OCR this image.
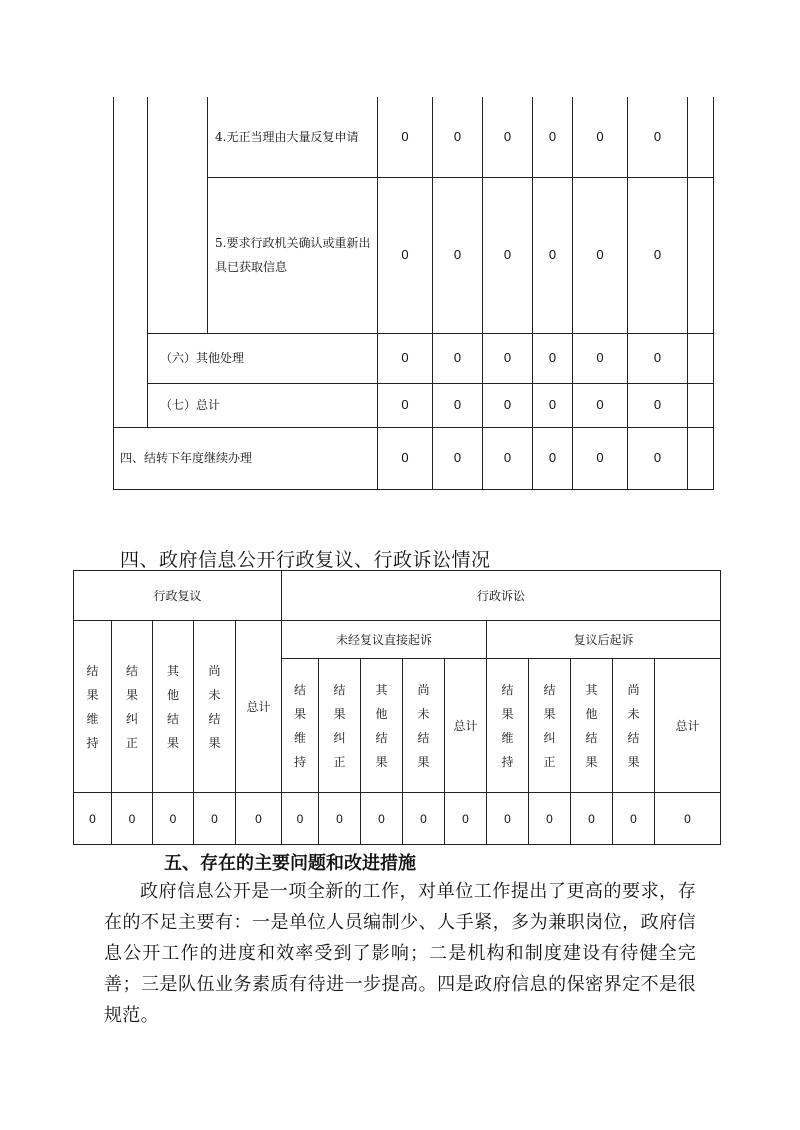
		4.无正当理由大量反复申请	0	0	0	0	0	0	
		5.要求行政机关确认或重新出具已获取信息	0	0	0	0	0	0	
	（六）其他处理		0	0	0	0	0	0	
	（七）总计		0	0	0	0	0	0	
四、结转下年度继续办理			0	0	0	0	0	0	
四、政府信息公开行政复议、行政诉讼情况
行政复议					行政诉讼									
结果维持	结果纠正	其他结果	尚未结果	总计	未经复议直接起诉					复议后起诉				
					结果维持	结果纠正	其他结果	尚未结果	总计	结果维持	结果纠正	其他结果	尚未结果	总计
0	0	0	0	0	0	0	0	0	0	0	0	0	0	0
五、存在的主要问题和改进措施

政府信息公开是一项全新的工作，对单位工作提出了更高的要求，存在的不足主要有：一是单位人员编制少、人手紧，多为兼职岗位，政府信息公开工作的进度和效率受到了影响；二是机构和制度建设有待健全完善；三是队伍业务素质有待进一步提高。四是政府信息的保密界定不是很规范。
